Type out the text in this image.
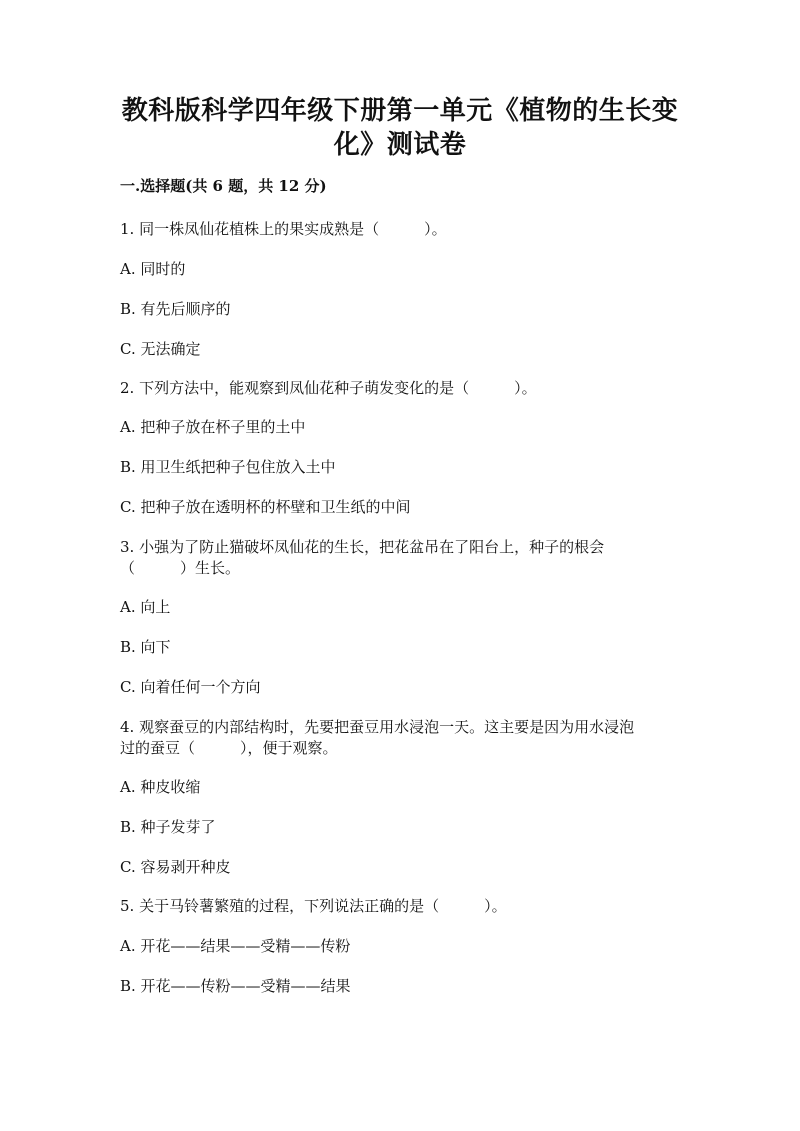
教科版科学四年级下册第一单元《植物的生长变
化》测试卷

一.选择题(共 6 题，共 12 分)

1. 同一株凤仙花植株上的果实成熟是（　　　）。

A. 同时的

B. 有先后顺序的

C. 无法确定

2. 下列方法中，能观察到凤仙花种子萌发变化的是（　　　）。

A. 把种子放在杯子里的土中

B. 用卫生纸把种子包住放入土中

C. 把种子放在透明杯的杯壁和卫生纸的中间

3. 小强为了防止猫破坏凤仙花的生长，把花盆吊在了阳台上，种子的根会

（　　　）生长。

A. 向上

B. 向下

C. 向着任何一个方向

4. 观察蚕豆的内部结构时，先要把蚕豆用水浸泡一天。这主要是因为用水浸泡

过的蚕豆（　　　），便于观察。

A. 种皮收缩

B. 种子发芽了

C. 容易剥开种皮

5. 关于马铃薯繁殖的过程，下列说法正确的是（　　　）。

A. 开花——结果——受精——传粉

B. 开花——传粉——受精——结果
